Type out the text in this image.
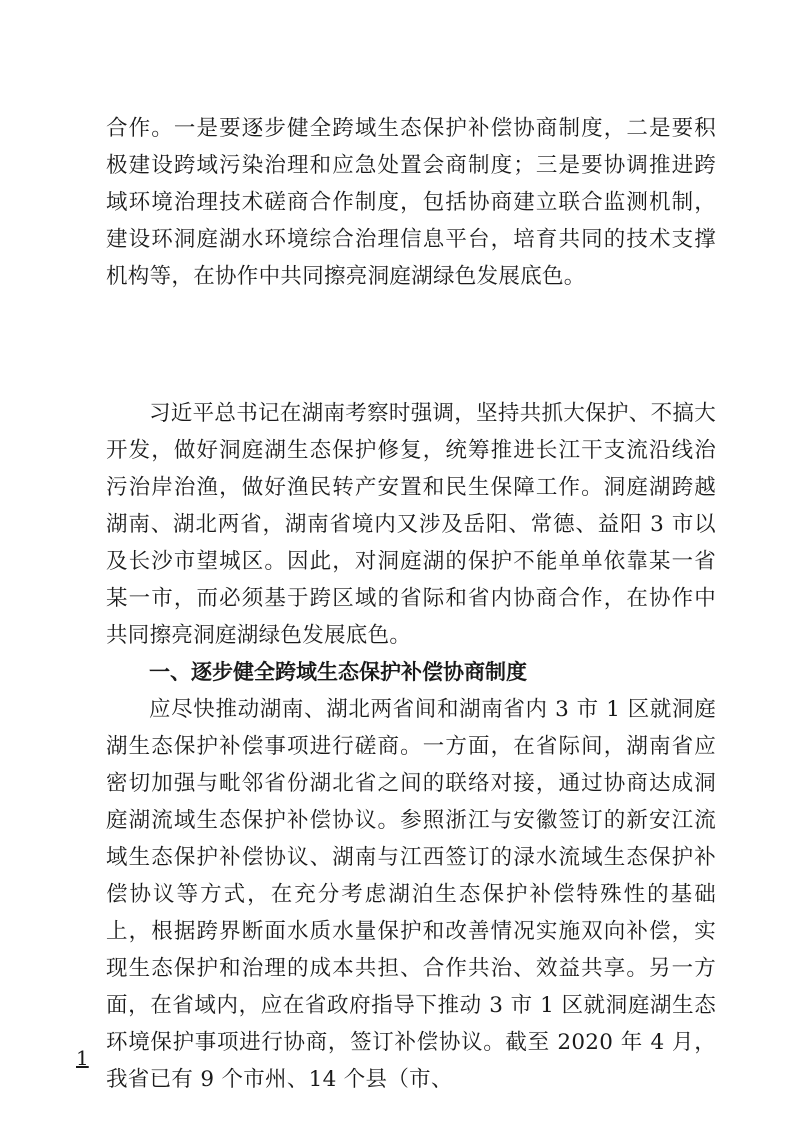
合作。一是要逐步健全跨域生态保护补偿协商制度，二是要积极建设跨域污染治理和应急处置会商制度；三是要协调推进跨域环境治理技术磋商合作制度，包括协商建立联合监测机制，建设环洞庭湖水环境综合治理信息平台，培育共同的技术支撑机构等，在协作中共同擦亮洞庭湖绿色发展底色。

习近平总书记在湖南考察时强调，坚持共抓大保护、不搞大开发，做好洞庭湖生态保护修复，统筹推进长江干支流沿线治污治岸治渔，做好渔民转产安置和民生保障工作。洞庭湖跨越湖南、湖北两省，湖南省境内又涉及岳阳、常德、益阳 3 市以及长沙市望城区。因此，对洞庭湖的保护不能单单依靠某一省某一市，而必须基于跨区域的省际和省内协商合作，在协作中共同擦亮洞庭湖绿色发展底色。

一、逐步健全跨域生态保护补偿协商制度

应尽快推动湖南、湖北两省间和湖南省内 3 市 1 区就洞庭湖生态保护补偿事项进行磋商。一方面，在省际间，湖南省应密切加强与毗邻省份湖北省之间的联络对接，通过协商达成洞庭湖流域生态保护补偿协议。参照浙江与安徽签订的新安江流域生态保护补偿协议、湖南与江西签订的渌水流域生态保护补偿协议等方式，在充分考虑湖泊生态保护补偿特殊性的基础上，根据跨界断面水质水量保护和改善情况实施双向补偿，实现生态保护和治理的成本共担、合作共治、效益共享。另一方面，在省域内，应在省政府指导下推动 3 市 1 区就洞庭湖生态环境保护事项进行协商，签订补偿协议。截至 2020 年 4 月，我省已有 9 个市州、14 个县（市、

1
